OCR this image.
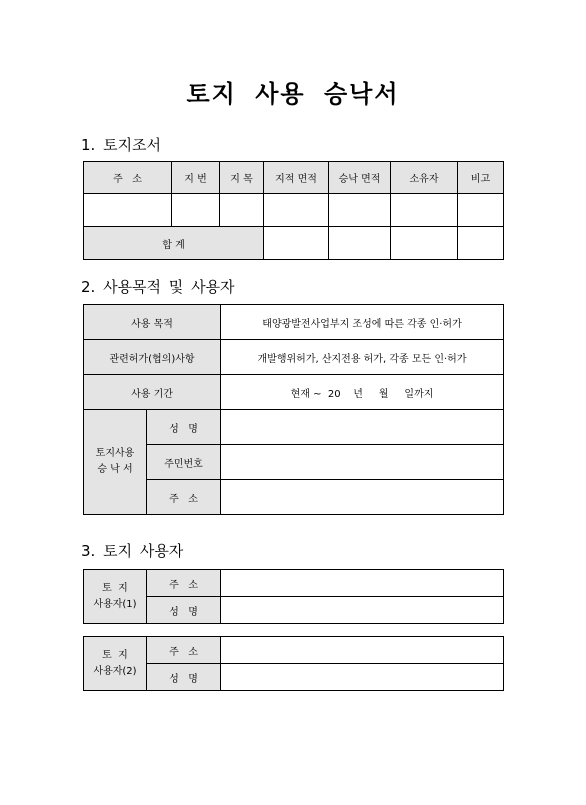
토지 사용 승낙서
1. 토지조서
주   소	지 번	지 목	지적 면적	승낙 면적	소유자	비고

합 계						
2. 사용목적 및 사용자
사용 목적		태양광발전사업부지 조성에 따른 각종 인·허가
관련허가(협의)사항		개발행위허가, 산지전용 허가, 각종 모든 인·허가
사용 기간		현재 ~  20    년     월     일까지
토지사용
승 낙 서	성   명	
	주민번호	
	주   소	
3. 토지 사용자
토  지
사용자(1)	주   소	
	성   명	
토  지
사용자(2)	주   소	
	성   명	
